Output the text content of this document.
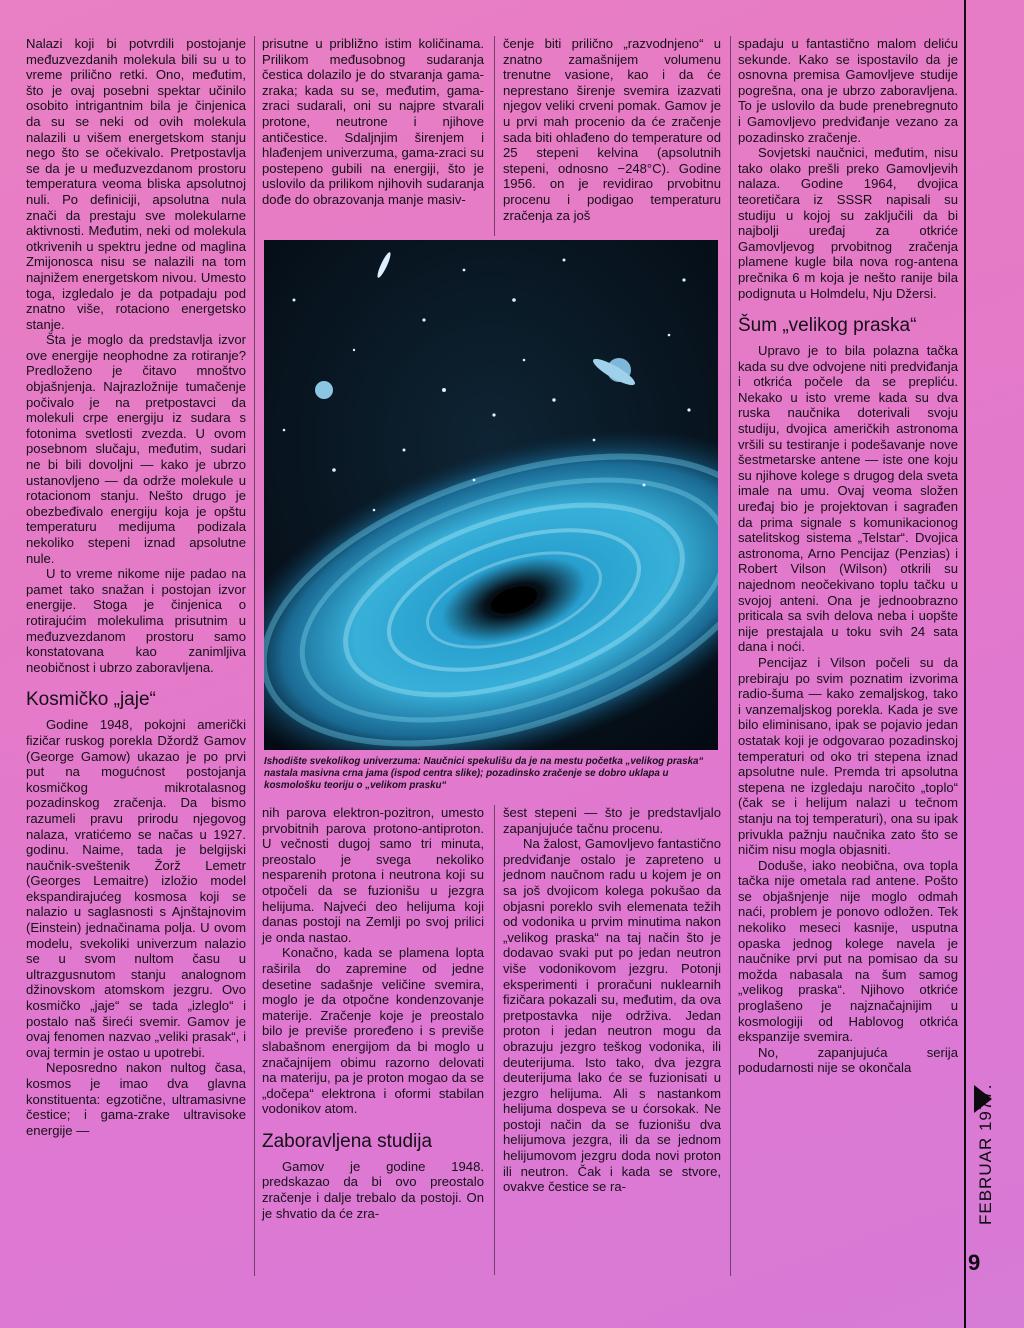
Nalazi koji bi potvrdili postojanje međuzvezdanih molekula bili su u to vreme prilično retki. Ono, međutim, što je ovaj posebni spektar učinilo osobito intrigantnim bila je činjenica da su se neki od ovih molekula nalazili u višem energetskom stanju nego što se očekivalo. Pretpostavlja se da je u međuzvezdanom prostoru temperatura veoma bliska apsolutnoj nuli. Po definiciji, apsolutna nula znači da prestaju sve molekularne aktivnosti. Međutim, neki od molekula otkrivenih u spektru jedne od maglina Zmijonosca nisu se nalazili na tom najnižem energetskom nivou. Umesto toga, izgledalo je da potpadaju pod znatno više, rotaciono energetsko stanje.

Šta je moglo da predstavlja izvor ove energije neophodne za rotiranje? Predloženo je čitavo mnoštvo objašnjenja. Najrazložnije tumačenje počivalo je na pretpostavci da molekuli crpe energiju iz sudara s fotonima svetlosti zvezda. U ovom posebnom slučaju, međutim, sudari ne bi bili dovoljni — kako je ubrzo ustanovljeno — da održe molekule u rotacionom stanju. Nešto drugo je obezbeđivalo energiju koja je opštu temperaturu medijuma podizala nekoliko stepeni iznad apsolutne nule.

U to vreme nikome nije padao na pamet tako snažan i postojan izvor energije. Stoga je činjenica o rotirajućim molekulima prisutnim u međuzvezdanom prostoru samo konstatovana kao zanimljiva neobičnost i ubrzo zaboravljena.

Kosmičko „jaje“

Godine 1948, pokojni američki fizičar ruskog porekla Džordž Gamov (George Gamow) ukazao je po prvi put na mogućnost postojanja kosmičkog mikrotalasnog pozadinskog zračenja. Da bismo razumeli pravu prirodu njegovog nalaza, vratićemo se načas u 1927. godinu. Naime, tada je belgijski naučnik-sveštenik Žorž Lemetr (Georges Lemaitre) izložio model ekspandirajućeg kosmosa koji se nalazio u saglasnosti s Ajnštajnovim (Einstein) jednačinama polja. U ovom modelu, svekoliki univerzum nalazio se u svom nultom času u ultrazgusnutom stanju analognom džinovskom atomskom jezgru. Ovo kosmičko „jaje“ se tada „izleglo“ i postalo naš šireći svemir. Gamov je ovaj fenomen nazvao „veliki prasak“, i ovaj termin je ostao u upotrebi.

Neposredno nakon nultog časa, kosmos je imao dva glavna konstituenta: egzotične, ultramasivne čestice; i gama-zrake ultravisoke energije —

prisutne u približno istim količinama. Prilikom međusobnog sudaranja čestica dolazilo je do stvaranja gama-zraka; kada su se, međutim, gama-zraci sudarali, oni su najpre stvarali protone, neutrone i njihove antičestice. Sdaljnjim širenjem i hlađenjem univerzuma, gama-zraci su postepeno gubili na energiji, što je uslovilo da prilikom njihovih sudaranja dođe do obrazovanja manje masiv-

čenje biti prilično „razvodnjeno“ u znatno zamašnijem volumenu trenutne vasione, kao i da će neprestano širenje svemira izazvati njegov veliki crveni pomak. Gamov je u prvi mah procenio da će zračenje sada biti ohlađeno do temperature od 25 stepeni kelvina (apsolutnih stepeni, odnosno −248°C). Godine 1956. on je revidirao prvobitnu procenu i podigao temperaturu zračenja za još

Ishodište svekolikog univerzuma: Naučnici spekulišu da je na mestu početka „velikog praska“ nastala masivna crna jama (ispod centra slike); pozadinsko zračenje se dobro uklapa u kosmološku teoriju o „velikom prasku“

nih parova elektron-pozitron, umesto prvobitnih parova protono-antiproton. U večnosti dugoj samo tri minuta, preostalo je svega nekoliko nesparenih protona i neutrona koji su otpočeli da se fuzionišu u jezgra helijuma. Najveći deo helijuma koji danas postoji na Zemlji po svoj prilici je onda nastao.

Konačno, kada se plamena lopta raširila do zapremine od jedne desetine sadašnje veličine svemira, moglo je da otpočne kondenzovanje materije. Zračenje koje je preostalo bilo je previše proređeno i s previše slabašnom energijom da bi moglo u značajnijem obimu razorno delovati na materiju, pa je proton mogao da se „dočepa“ elektrona i oformi stabilan vodonikov atom.

Zaboravljena studija

Gamov je godine 1948. predskazao da bi ovo preostalo zračenje i dalje trebalo da postoji. On je shvatio da će zra-

šest stepeni — što je predstavljalo zapanjujuće tačnu procenu.

Na žalost, Gamovljevo fantastično predviđanje ostalo je zapreteno u jednom naučnom radu u kojem je on sa još dvojicom kolega pokušao da objasni poreklo svih elemenata težih od vodonika u prvim minutima nakon „velikog praska“ na taj način što je dodavao svaki put po jedan neutron više vodonikovom jezgru. Potonji eksperimenti i proračuni nuklearnih fizičara pokazali su, međutim, da ova pretpostavka nije održiva. Jedan proton i jedan neutron mogu da obrazuju jezgro teškog vodonika, ili deuterijuma. Isto tako, dva jezgra deuterijuma lako će se fuzionisati u jezgro helijuma. Ali s nastankom helijuma dospeva se u ćorsokak. Ne postoji način da se fuzionišu dva helijumova jezgra, ili da se jednom helijumovom jezgru doda novi proton ili neutron. Čak i kada se stvore, ovakve čestice se ra-

spadaju u fantastično malom deliću sekunde. Kako se ispostavilo da je osnovna premisa Gamovljeve studije pogrešna, ona je ubrzo zaboravljena. To je uslovilo da bude prenebregnuto i Gamovljevo predviđanje vezano za pozadinsko zračenje.

Sovjetski naučnici, međutim, nisu tako olako prešli preko Gamovljevih nalaza. Godine 1964, dvojica teoretičara iz SSSR napisali su studiju u kojoj su zaključili da bi najbolji uređaj za otkriće Gamovljevog prvobitnog zračenja plamene kugle bila nova rog-antena prečnika 6 m koja je nešto ranije bila podignuta u Holmdelu, Nju Džersi.

Šum „velikog praska“

Upravo je to bila polazna tačka kada su dve odvojene niti predviđanja i otkrića počele da se prepliću. Nekako u isto vreme kada su dva ruska naučnika doterivali svoju studiju, dvojica američkih astronoma vršili su testiranje i podešavanje nove šestmetarske antene — iste one koju su njihove kolege s drugog dela sveta imale na umu. Ovaj veoma složen uređaj bio je projektovan i sagrađen da prima signale s komunikacionog satelitskog sistema „Telstar“. Dvojica astronoma, Arno Pencijaz (Penzias) i Robert Vilson (Wilson) otkrili su najednom neočekivano toplu tačku u svojoj anteni. Ona je jednoobrazno priticala sa svih delova neba i uopšte nije prestajala u toku svih 24 sata dana i noći.

Pencijaz i Vilson počeli su da prebiraju po svim poznatim izvorima radio-šuma — kako zemaljskog, tako i vanzemaljskog porekla. Kada je sve bilo eliminisano, ipak se pojavio jedan ostatak koji je odgovarao pozadinskoj temperaturi od oko tri stepena iznad apsolutne nule. Premda tri apsolutna stepena ne izgledaju naročito „toplo“ (čak se i helijum nalazi u tečnom stanju na toj temperaturi), ona su ipak privukla pažnju naučnika zato što se ničim nisu mogla objasniti.

Doduše, iako neobična, ova topla tačka nije ometala rad antene. Pošto se objašnjenje nije moglo odmah naći, problem je ponovo odložen. Tek nekoliko meseci kasnije, usputna opaska jednog kolege navela je naučnike prvi put na pomisao da su možda nabasala na šum samog „velikog praska“. Njihovo otkriće proglašeno je najznačajnijim u kosmologiji od Hablovog otkrića ekspanzije svemira.

No, zapanjujuća serija podudarnosti nije se okončala

FEBRUAR 1977.
9
